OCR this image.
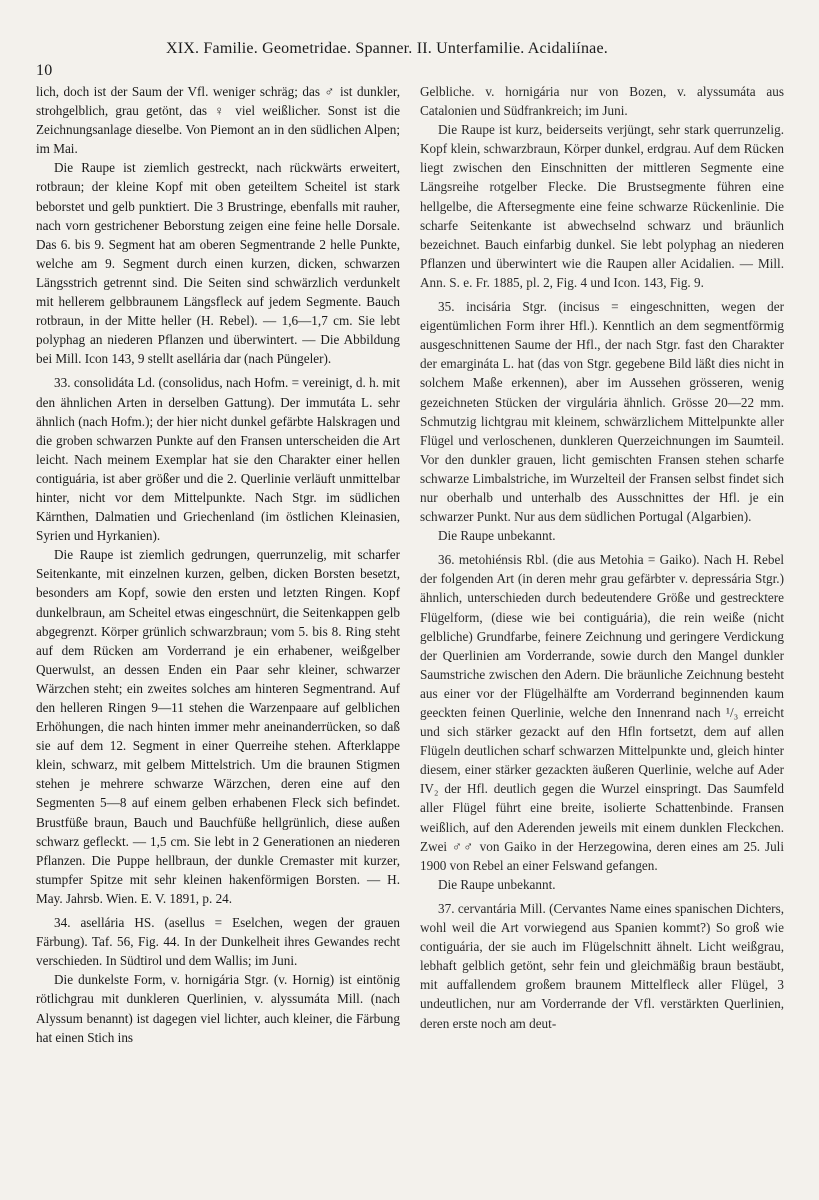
10
XIX. Familie. Geometridae. Spanner. II. Unterfamilie. Acidaliínae.

lich, doch ist der Saum der Vfl. weniger schräg; das ♂ ist dunkler, strohgelblich, grau getönt, das ♀ viel weißlicher. Sonst ist die Zeichnungsanlage dieselbe. Von Piemont an in den südlichen Alpen; im Mai.

Die Raupe ist ziemlich gestreckt, nach rückwärts erweitert, rotbraun; der kleine Kopf mit oben geteiltem Scheitel ist stark beborstet und gelb punktiert. Die 3 Brustringe, ebenfalls mit rauher, nach vorn gestrichener Beborstung zeigen eine feine helle Dorsale. Das 6. bis 9. Segment hat am oberen Segmentrande 2 helle Punkte, welche am 9. Segment durch einen kurzen, dicken, schwarzen Längsstrich getrennt sind. Die Seiten sind schwärzlich verdunkelt mit hellerem gelbbraunem Längsfleck auf jedem Segmente. Bauch rotbraun, in der Mitte heller (H. Rebel). — 1,6—1,7 cm. Sie lebt polyphag an niederen Pflanzen und überwintert. — Die Abbildung bei Mill. Icon 143, 9 stellt asellária dar (nach Püngeler).

33. consolidáta Ld. (consolidus, nach Hofm. = vereinigt, d. h. mit den ähnlichen Arten in derselben Gattung). Der immutáta L. sehr ähnlich (nach Hofm.); der hier nicht dunkel gefärbte Halskragen und die groben schwarzen Punkte auf den Fransen unterscheiden die Art leicht. Nach meinem Exemplar hat sie den Charakter einer hellen contiguária, ist aber größer und die 2. Querlinie verläuft unmittelbar hinter, nicht vor dem Mittelpunkte. Nach Stgr. im südlichen Kärnthen, Dalmatien und Griechenland (im östlichen Kleinasien, Syrien und Hyrkanien).

Die Raupe ist ziemlich gedrungen, querrunzelig, mit scharfer Seitenkante, mit einzelnen kurzen, gelben, dicken Borsten besetzt, besonders am Kopf, sowie den ersten und letzten Ringen. Kopf dunkelbraun, am Scheitel etwas eingeschnürt, die Seitenkappen gelb abgegrenzt. Körper grünlich schwarzbraun; vom 5. bis 8. Ring steht auf dem Rücken am Vorderrand je ein erhabener, weißgelber Querwulst, an dessen Enden ein Paar sehr kleiner, schwarzer Wärzchen steht; ein zweites solches am hinteren Segmentrand. Auf den helleren Ringen 9—11 stehen die Warzenpaare auf gelblichen Erhöhungen, die nach hinten immer mehr aneinanderrücken, so daß sie auf dem 12. Segment in einer Querreihe stehen. Afterklappe klein, schwarz, mit gelbem Mittelstrich. Um die braunen Stigmen stehen je mehrere schwarze Wärzchen, deren eine auf den Segmenten 5—8 auf einem gelben erhabenen Fleck sich befindet. Brustfüße braun, Bauch und Bauchfüße hellgrünlich, diese außen schwarz gefleckt. — 1,5 cm. Sie lebt in 2 Generationen an niederen Pflanzen. Die Puppe hellbraun, der dunkle Cremaster mit kurzer, stumpfer Spitze mit sehr kleinen hakenförmigen Borsten. — H. May. Jahrsb. Wien. E. V. 1891, p. 24.

34. asellária HS. (asellus = Eselchen, wegen der grauen Färbung). Taf. 56, Fig. 44. In der Dunkelheit ihres Gewandes recht verschieden. In Südtirol und dem Wallis; im Juni.

Die dunkelste Form, v. hornigária Stgr. (v. Hornig) ist eintönig rötlichgrau mit dunkleren Querlinien, v. alyssumáta Mill. (nach Alyssum benannt) ist dagegen viel lichter, auch kleiner, die Färbung hat einen Stich ins

Gelbliche. v. hornigária nur von Bozen, v. alyssumáta aus Catalonien und Südfrankreich; im Juni.

Die Raupe ist kurz, beiderseits verjüngt, sehr stark querrunzelig. Kopf klein, schwarzbraun, Körper dunkel, erdgrau. Auf dem Rücken liegt zwischen den Einschnitten der mittleren Segmente eine Längsreihe rotgelber Flecke. Die Brustsegmente führen eine hellgelbe, die Aftersegmente eine feine schwarze Rückenlinie. Die scharfe Seitenkante ist abwechselnd schwarz und bräunlich bezeichnet. Bauch einfarbig dunkel. Sie lebt polyphag an niederen Pflanzen und überwintert wie die Raupen aller Acidalien. — Mill. Ann. S. e. Fr. 1885, pl. 2, Fig. 4 und Icon. 143, Fig. 9.

35. incisária Stgr. (incisus = eingeschnitten, wegen der eigentümlichen Form ihrer Hfl.). Kenntlich an dem segmentförmig ausgeschnittenen Saume der Hfl., der nach Stgr. fast den Charakter der emargináta L. hat (das von Stgr. gegebene Bild läßt dies nicht in solchem Maße erkennen), aber im Aussehen grösseren, wenig gezeichneten Stücken der virgulária ähnlich. Grösse 20—22 mm. Schmutzig lichtgrau mit kleinem, schwärzlichem Mittelpunkte aller Flügel und verloschenen, dunkleren Querzeichnungen im Saumteil. Vor den dunkler grauen, licht gemischten Fransen stehen scharfe schwarze Limbalstriche, im Wurzelteil der Fransen selbst findet sich nur oberhalb und unterhalb des Ausschnittes der Hfl. je ein schwarzer Punkt. Nur aus dem südlichen Portugal (Algarbien).

Die Raupe unbekannt.

36. metohiénsis Rbl. (die aus Metohia = Gaiko). Nach H. Rebel der folgenden Art (in deren mehr grau gefärbter v. depressária Stgr.) ähnlich, unterschieden durch bedeutendere Größe und gestrecktere Flügelform, (diese wie bei contiguária), die rein weiße (nicht gelbliche) Grundfarbe, feinere Zeichnung und geringere Verdickung der Querlinien am Vorderrande, sowie durch den Mangel dunkler Saumstriche zwischen den Adern. Die bräunliche Zeichnung besteht aus einer vor der Flügelhälfte am Vorderrand beginnenden kaum geeckten feinen Querlinie, welche den Innenrand nach ¹/₃ erreicht und sich stärker gezackt auf den Hfln fortsetzt, dem auf allen Flügeln deutlichen scharf schwarzen Mittelpunkte und, gleich hinter diesem, einer stärker gezackten äußeren Querlinie, welche auf Ader IV₂ der Hfl. deutlich gegen die Wurzel einspringt. Das Saumfeld aller Flügel führt eine breite, isolierte Schattenbinde. Fransen weißlich, auf den Aderenden jeweils mit einem dunklen Fleckchen. Zwei ♂♂ von Gaiko in der Herzegowina, deren eines am 25. Juli 1900 von Rebel an einer Felswand gefangen.

Die Raupe unbekannt.

37. cervantária Mill. (Cervantes Name eines spanischen Dichters, wohl weil die Art vorwiegend aus Spanien kommt?) So groß wie contiguária, der sie auch im Flügelschnitt ähnelt. Licht weißgrau, lebhaft gelblich getönt, sehr fein und gleichmäßig braun bestäubt, mit auffallendem großem braunem Mittelfleck aller Flügel, 3 undeutlichen, nur am Vorderrande der Vfl. verstärkten Querlinien, deren erste noch am deut-
